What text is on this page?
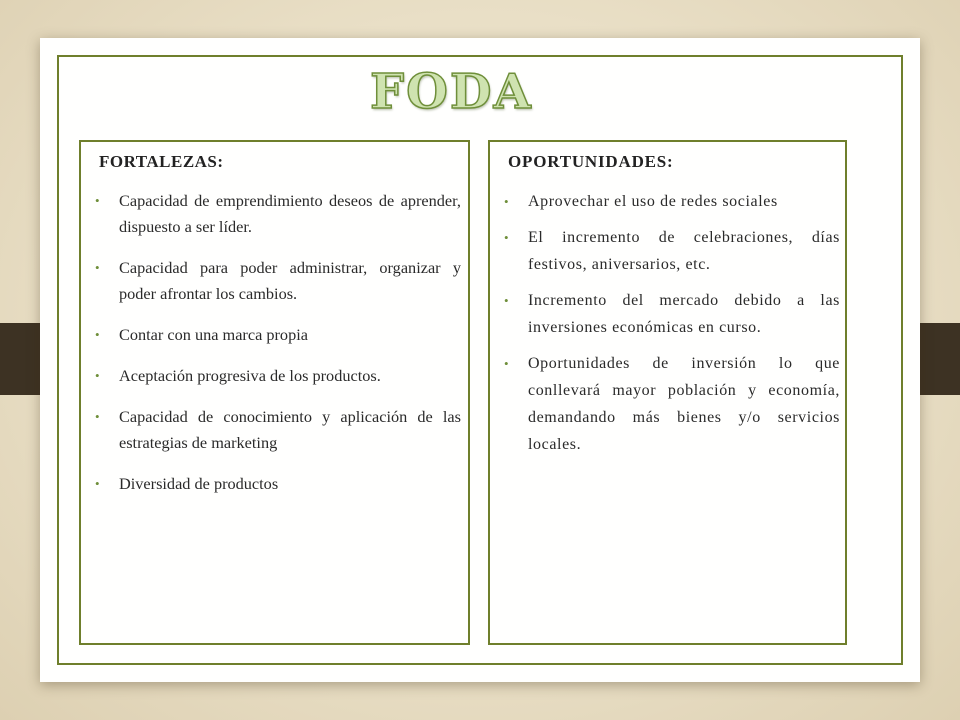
FODA
FORTALEZAS:
• Capacidad de emprendimiento deseos de aprender, dispuesto a ser líder.
• Capacidad para poder administrar, organizar y poder afrontar los cambios.
• Contar con una marca propia
• Aceptación progresiva de los productos.
• Capacidad de conocimiento y aplicación de las estrategias de marketing
• Diversidad de productos
OPORTUNIDADES:
• Aprovechar el uso de redes sociales
• El incremento de celebraciones, días festivos, aniversarios, etc.
• Incremento del mercado debido a las inversiones económicas en curso.
• Oportunidades de inversión lo que conllevará mayor población y economía, demandando más bienes y/o servicios locales.
